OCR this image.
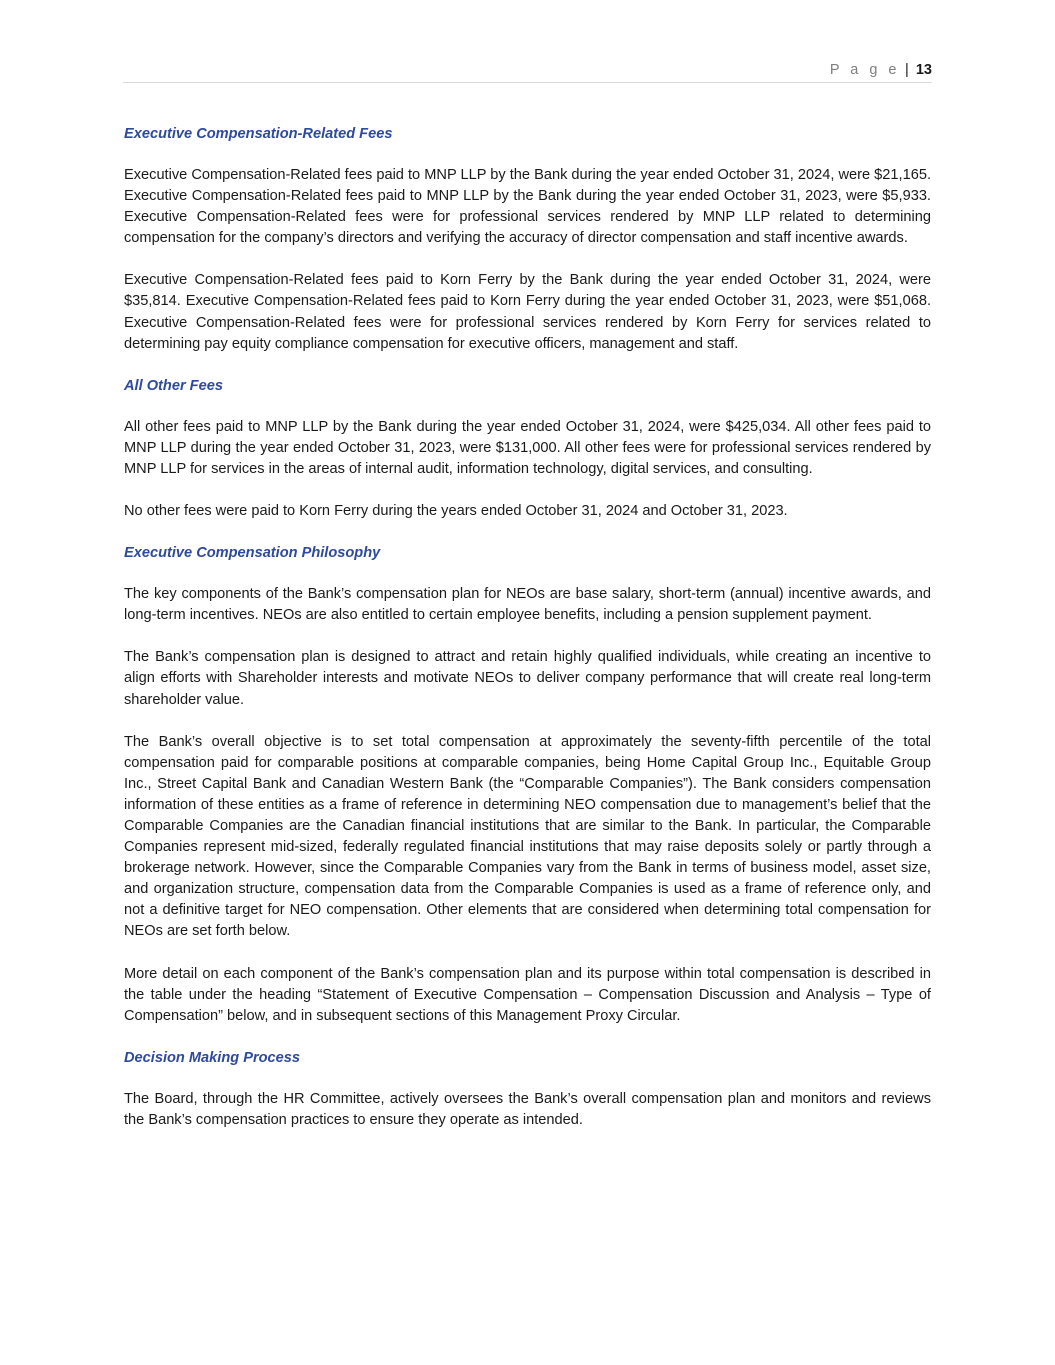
P a g e | 13

Executive Compensation-Related Fees

Executive Compensation-Related fees paid to MNP LLP by the Bank during the year ended October 31, 2024, were $21,165. Executive Compensation-Related fees paid to MNP LLP by the Bank during the year ended October 31, 2023, were $5,933. Executive Compensation-Related fees were for professional services rendered by MNP LLP related to determining compensation for the company’s directors and verifying the accuracy of director compensation and staff incentive awards.

Executive Compensation-Related fees paid to Korn Ferry by the Bank during the year ended October 31, 2024, were $35,814. Executive Compensation-Related fees paid to Korn Ferry during the year ended October 31, 2023, were $51,068. Executive Compensation-Related fees were for professional services rendered by Korn Ferry for services related to determining pay equity compliance compensation for executive officers, management and staff.

All Other Fees

All other fees paid to MNP LLP by the Bank during the year ended October 31, 2024, were $425,034. All other fees paid to MNP LLP during the year ended October 31, 2023, were $131,000. All other fees were for professional services rendered by MNP LLP for services in the areas of internal audit, information technology, digital services, and consulting.

No other fees were paid to Korn Ferry during the years ended October 31, 2024 and October 31, 2023.

Executive Compensation Philosophy

The key components of the Bank’s compensation plan for NEOs are base salary, short-term (annual) incentive awards, and long-term incentives. NEOs are also entitled to certain employee benefits, including a pension supplement payment.

The Bank’s compensation plan is designed to attract and retain highly qualified individuals, while creating an incentive to align efforts with Shareholder interests and motivate NEOs to deliver company performance that will create real long-term shareholder value.

The Bank’s overall objective is to set total compensation at approximately the seventy-fifth percentile of the total compensation paid for comparable positions at comparable companies, being Home Capital Group Inc., Equitable Group Inc., Street Capital Bank and Canadian Western Bank (the “Comparable Companies”). The Bank considers compensation information of these entities as a frame of reference in determining NEO compensation due to management’s belief that the Comparable Companies are the Canadian financial institutions that are similar to the Bank. In particular, the Comparable Companies represent mid-sized, federally regulated financial institutions that may raise deposits solely or partly through a brokerage network. However, since the Comparable Companies vary from the Bank in terms of business model, asset size, and organization structure, compensation data from the Comparable Companies is used as a frame of reference only, and not a definitive target for NEO compensation. Other elements that are considered when determining total compensation for NEOs are set forth below.

More detail on each component of the Bank’s compensation plan and its purpose within total compensation is described in the table under the heading “Statement of Executive Compensation – Compensation Discussion and Analysis – Type of Compensation” below, and in subsequent sections of this Management Proxy Circular.

Decision Making Process

The Board, through the HR Committee, actively oversees the Bank’s overall compensation plan and monitors and reviews the Bank’s compensation practices to ensure they operate as intended.
